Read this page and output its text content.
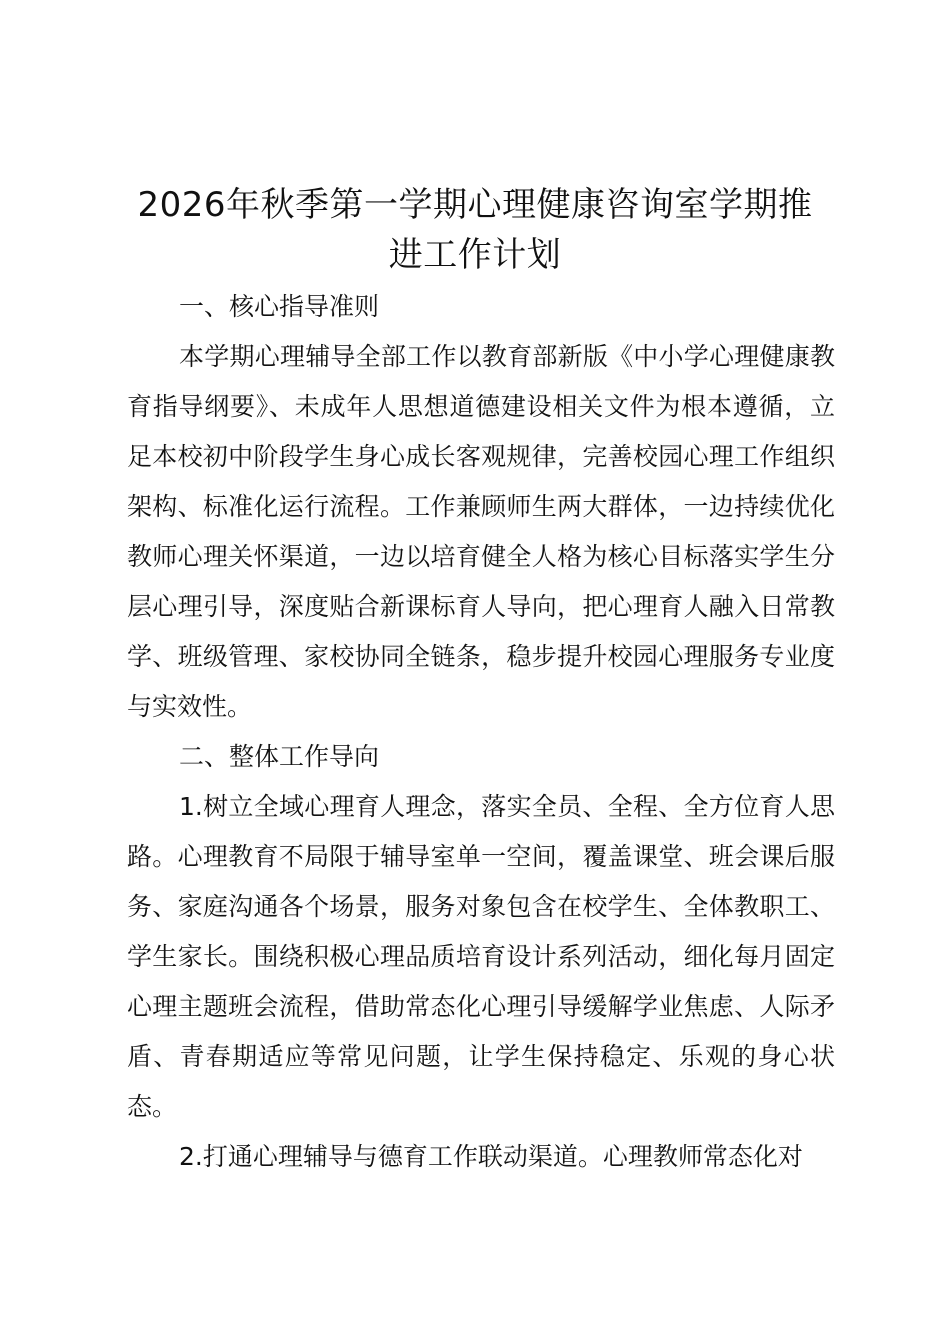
2026年秋季第一学期心理健康咨询室学期推
进工作计划

一、核心指导准则

本学期心理辅导全部工作以教育部新版《中小学心理健康教育指导纲要》、未成年人思想道德建设相关文件为根本遵循，立足本校初中阶段学生身心成长客观规律，完善校园心理工作组织架构、标准化运行流程。工作兼顾师生两大群体，一边持续优化教师心理关怀渠道，一边以培育健全人格为核心目标落实学生分层心理引导，深度贴合新课标育人导向，把心理育人融入日常教学、班级管理、家校协同全链条，稳步提升校园心理服务专业度与实效性。

二、整体工作导向

1.树立全域心理育人理念，落实全员、全程、全方位育人思路。心理教育不局限于辅导室单一空间，覆盖课堂、班会课后服务、家庭沟通各个场景，服务对象包含在校学生、全体教职工、学生家长。围绕积极心理品质培育设计系列活动，细化每月固定心理主题班会流程，借助常态化心理引导缓解学业焦虑、人际矛盾、青春期适应等常见问题，让学生保持稳定、乐观的身心状态。

2.打通心理辅导与德育工作联动渠道。心理教师常态化对
